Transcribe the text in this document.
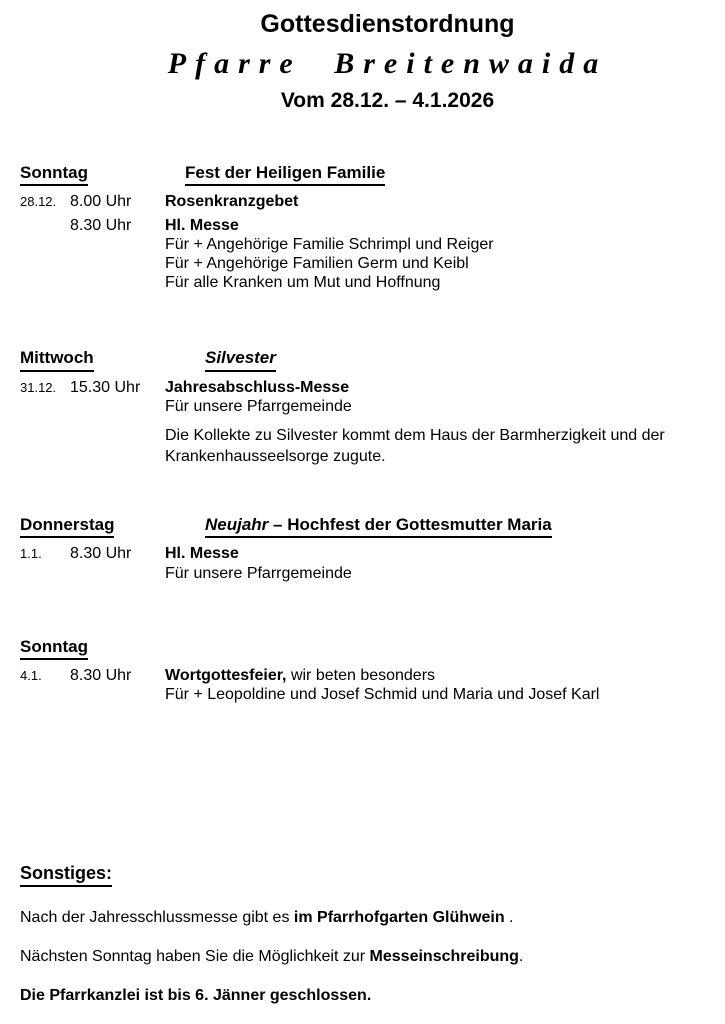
Gottesdienstordnung
Pfarre Breitenwaida
Vom 28.12. – 4.1.2026
Sonntag	Fest der Heiligen Familie
28.12. 8.00 Uhr	Rosenkranzgebet
8.30 Uhr	Hl. Messe
Für + Angehörige Familie Schrimpl und Reiger
Für + Angehörige Familien Germ und Keibl
Für alle Kranken um Mut und Hoffnung
Mittwoch	Silvester
31.12. 15.30 Uhr	Jahresabschluss-Messe
Für unsere Pfarrgemeinde
Die Kollekte zu Silvester kommt dem Haus der Barmherzigkeit und der Krankenhausseelsorge zugute.
Donnerstag	Neujahr – Hochfest der Gottesmutter Maria
1.1.	8.30 Uhr	Hl. Messe
Für unsere Pfarrgemeinde
Sonntag
4.1.	8.30 Uhr	Wortgottesfeier, wir beten besonders
Für + Leopoldine und Josef Schmid und Maria und Josef Karl
Sonstiges:
Nach der Jahresschlussmesse gibt es im Pfarrhofgarten Glühwein .
Nächsten Sonntag haben Sie die Möglichkeit zur Messeinschreibung.
Die Pfarrkanzlei ist bis 6. Jänner geschlossen.
